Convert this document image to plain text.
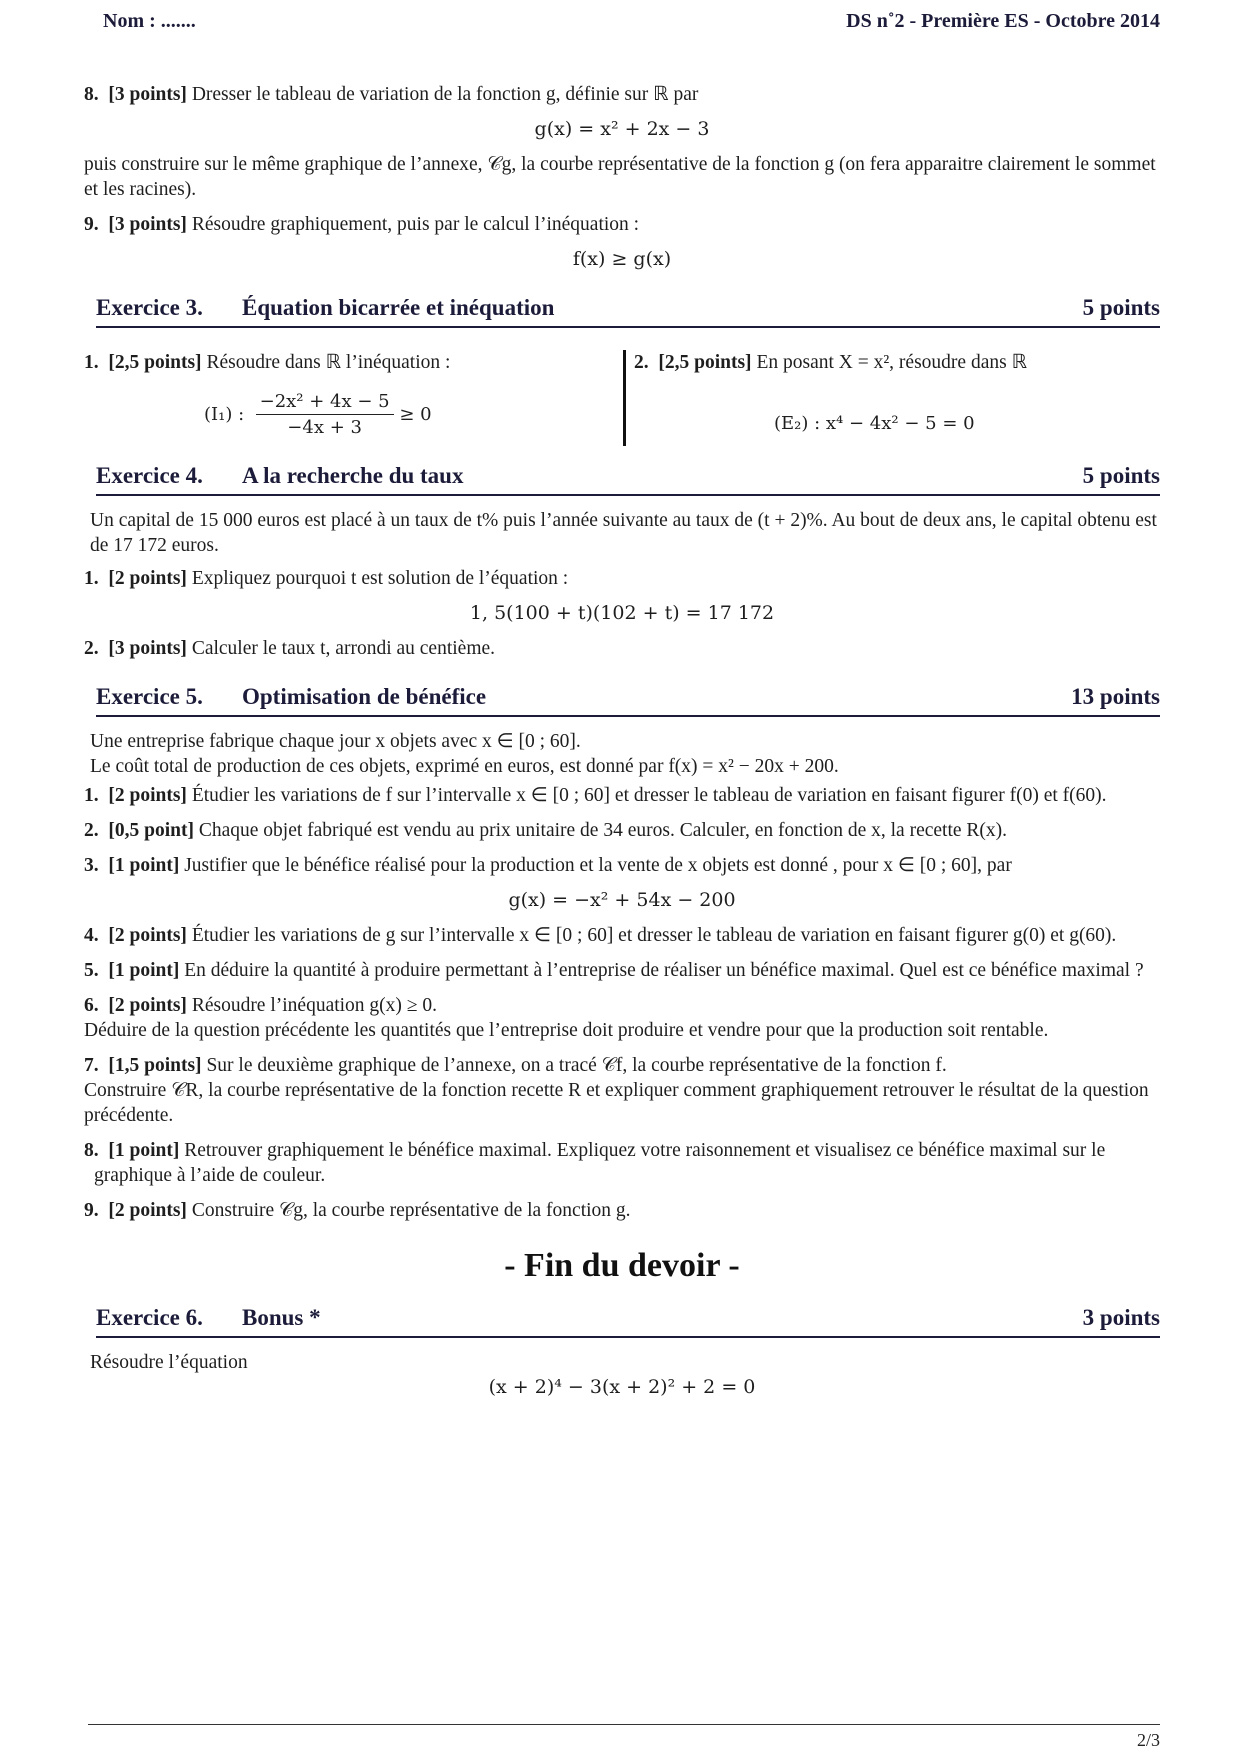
Nom : .......	DS n˚2 - Première ES - Octobre 2014

8. [3 points] Dresser le tableau de variation de la fonction g, définie sur ℝ par

g(x) = x² + 2x − 3

puis construire sur le même graphique de l’annexe, 𝒞g, la courbe représentative de la fonction g (on fera apparaitre clairement le sommet et les racines).

9. [3 points] Résoudre graphiquement, puis par le calcul l’inéquation :

f(x) ≥ g(x)
Exercice 3. Équation bicarrée et inéquation	5 points
1. [2,5 points] Résoudre dans ℝ l’inéquation :
(I₁) : $\frac{\text{−2x² + 4x − 5}}{-4x + 3} \ge 0$
2. [2,5 points] En posant X = x², résoudre dans ℝ
(E₂) : x⁴ − 4x² − 5 = 0
Exercice 4. A la recherche du taux	5 points

Un capital de 15 000 euros est placé à un taux de t% puis l’année suivante au taux de (t + 2)%. Au bout de deux ans, le capital obtenu est de 17 172 euros.

1. [2 points] Expliquez pourquoi t est solution de l’équation :

1, 5(100 + t)(102 + t) = 17 172

2. [3 points] Calculer le taux t, arrondi au centième.

Exercice 5. Optimisation de bénéfice	13 points

Une entreprise fabrique chaque jour x objets avec x ∈ [0 ; 60].

Le coût total de production de ces objets, exprimé en euros, est donné par f(x) = x² − 20x + 200.

1. [2 points] Étudier les variations de f sur l’intervalle x ∈ [0 ; 60] et dresser le tableau de variation en faisant figurer f(0) et f(60).

2. [0,5 point] Chaque objet fabriqué est vendu au prix unitaire de 34 euros. Calculer, en fonction de x, la recette R(x).

3. [1 point] Justifier que le bénéfice réalisé pour la production et la vente de x objets est donné , pour x ∈ [0 ; 60], par

g(x) = −x² + 54x − 200

4. [2 points] Étudier les variations de g sur l’intervalle x ∈ [0 ; 60] et dresser le tableau de variation en faisant figurer g(0) et g(60).

5. [1 point] En déduire la quantité à produire permettant à l’entreprise de réaliser un bénéfice maximal. Quel est ce bénéfice maximal ?

6. [2 points] Résoudre l’inéquation g(x) ≥ 0.

Déduire de la question précédente les quantités que l’entreprise doit produire et vendre pour que la production soit rentable.

7. [1,5 points] Sur le deuxième graphique de l’annexe, on a tracé 𝒞f, la courbe représentative de la fonction f.

Construire 𝒞R, la courbe représentative de la fonction recette R et expliquer comment graphiquement retrouver le résultat de la question précédente.

8. [1 point] Retrouver graphiquement le bénéfice maximal. Expliquez votre raisonnement et visualisez ce bénéfice maximal sur le graphique à l’aide de couleur.

9. [2 points] Construire 𝒞g, la courbe représentative de la fonction g.

- Fin du devoir -
Exercice 6. Bonus *	3 points

Résoudre l’équation

(x + 2)⁴ − 3(x + 2)² + 2 = 0
2/3
